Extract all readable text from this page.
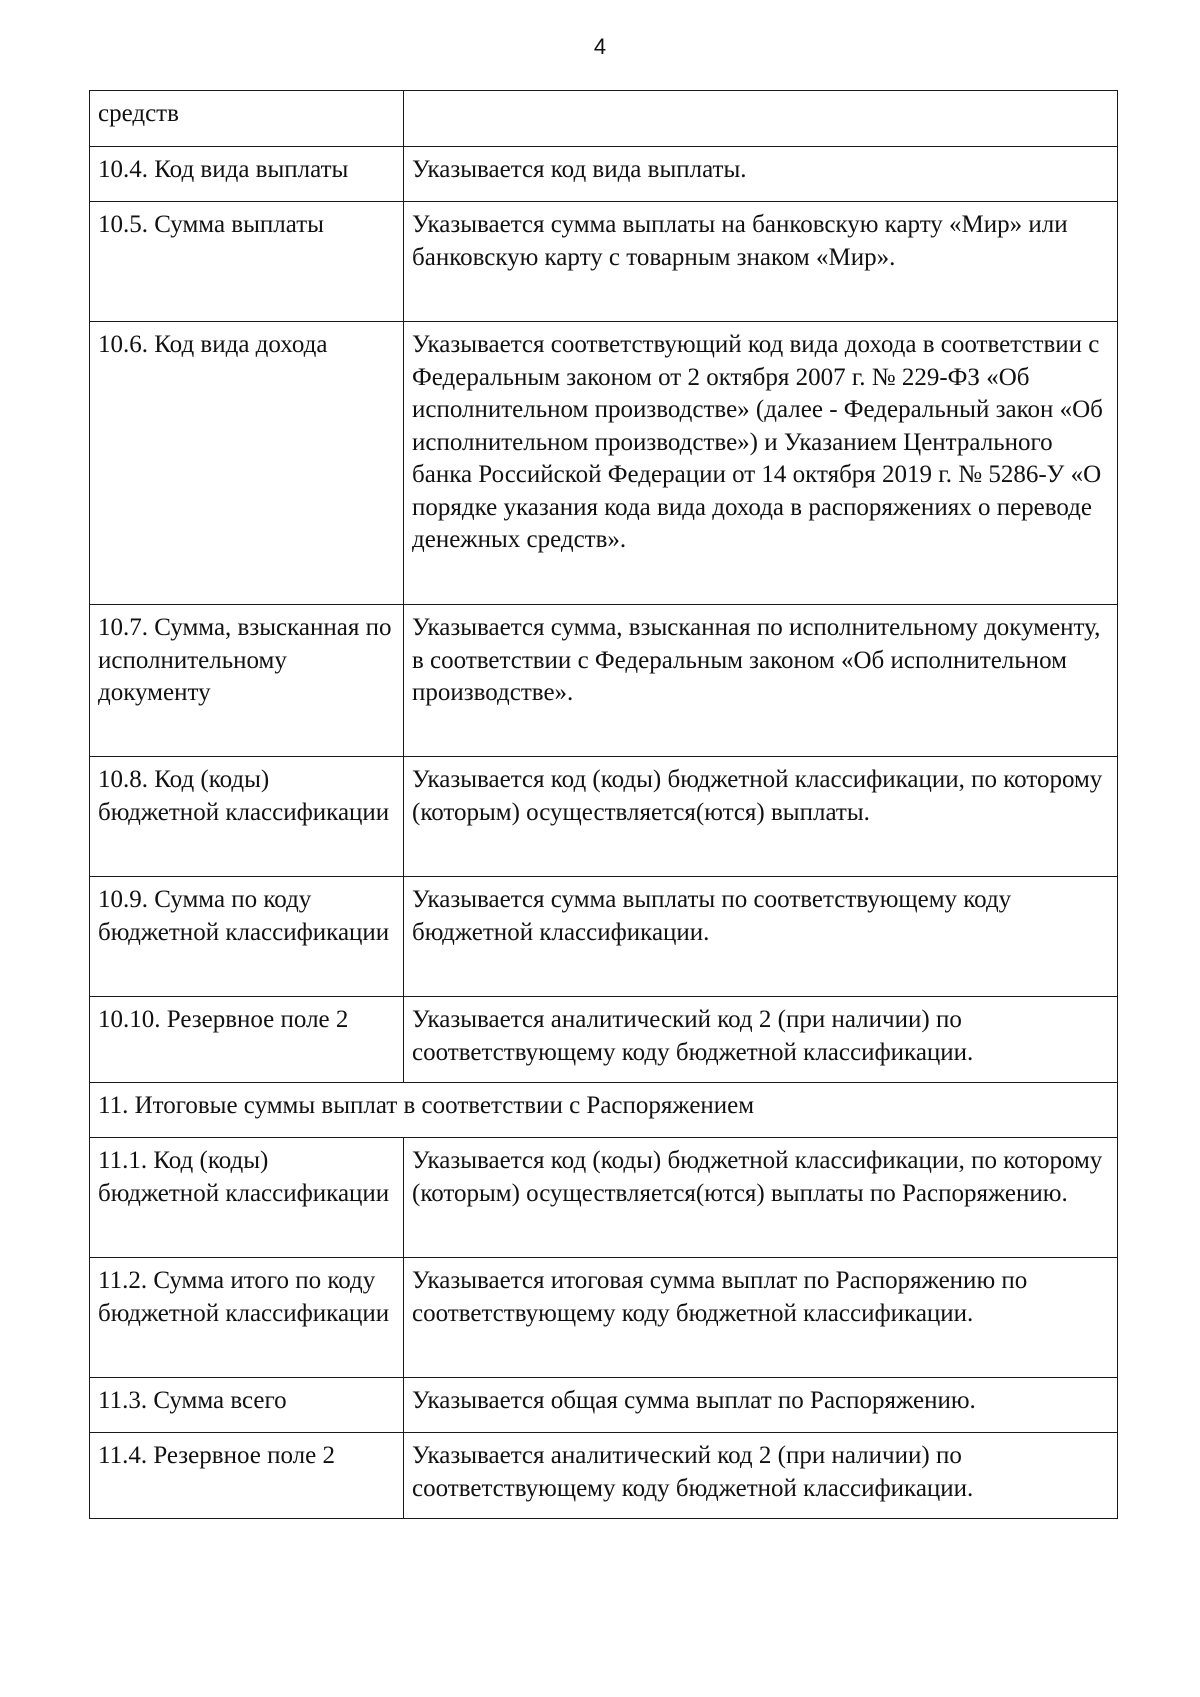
4
средств	
10.4. Код вида выплаты	Указывается код вида выплаты.
10.5. Сумма выплаты	Указывается сумма выплаты на банковскую карту «Мир» или банковскую карту с товарным знаком «Мир».
10.6. Код вида дохода	Указывается соответствующий код вида дохода в соответствии с Федеральным законом от 2 октября 2007 г. № 229-ФЗ «Об исполнительном производстве» (далее - Федеральный закон «Об исполнительном производстве») и Указанием Центрального банка Российской Федерации от 14 октября 2019 г. № 5286-У «О порядке указания кода вида дохода в распоряжениях о переводе денежных средств».
10.7. Сумма, взысканная по исполнительному документу	Указывается сумма, взысканная по исполнительному документу, в соответствии с Федеральным законом «Об исполнительном производстве».
10.8. Код (коды) бюджетной классификации	Указывается код (коды) бюджетной классификации, по которому (которым) осуществляется(ются) выплаты.
10.9. Сумма по коду бюджетной классификации	Указывается сумма выплаты по соответствующему коду бюджетной классификации.
10.10. Резервное поле 2	Указывается аналитический код 2 (при наличии) по соответствующему коду бюджетной классификации.
11. Итоговые суммы выплат в соответствии с Распоряжением	
11.1. Код (коды) бюджетной классификации	Указывается код (коды) бюджетной классификации, по которому (которым) осуществляется(ются) выплаты по Распоряжению.
11.2. Сумма итого по коду бюджетной классификации	Указывается итоговая сумма выплат по Распоряжению по соответствующему коду бюджетной классификации.
11.3. Сумма всего	Указывается общая сумма выплат по Распоряжению.
11.4. Резервное поле 2	Указывается аналитический код 2 (при наличии) по соответствующему коду бюджетной классификации.
